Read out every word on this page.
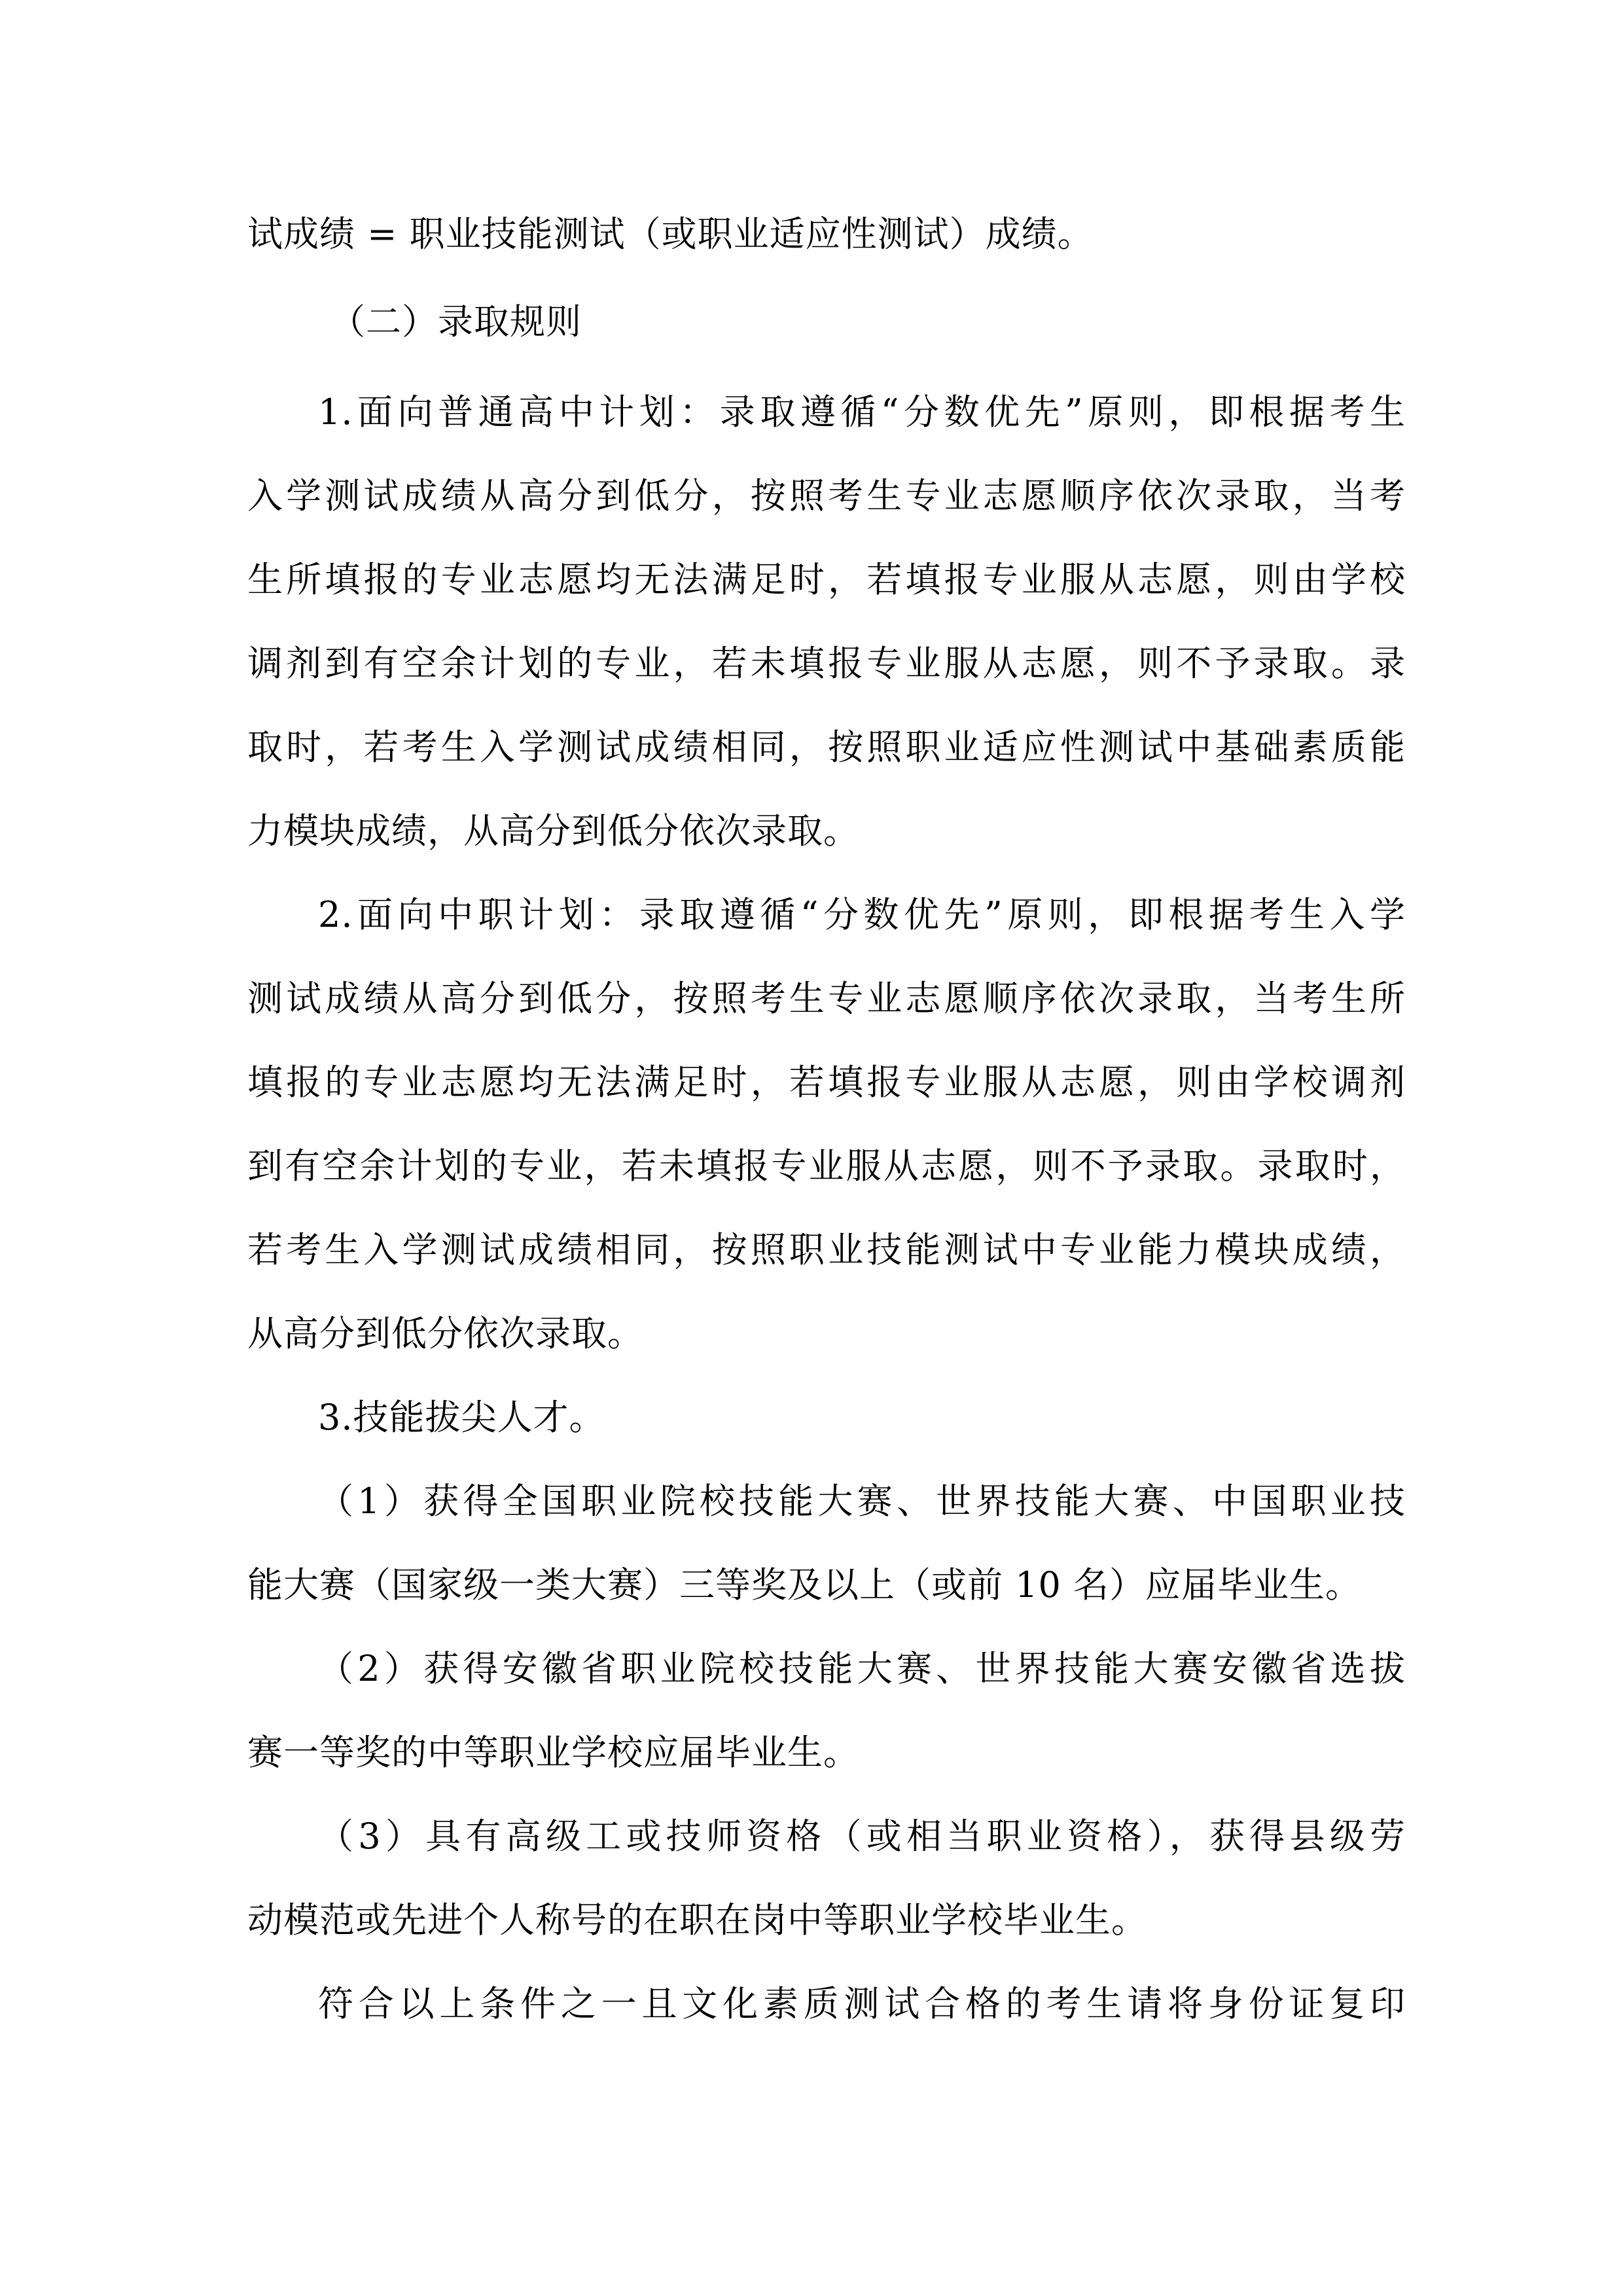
试成绩 = 职业技能测试（或职业适应性测试）成绩。
（二）录取规则
1.面向普通高中计划：录取遵循“分数优先”原则，即根据考生
入学测试成绩从高分到低分，按照考生专业志愿顺序依次录取，当考
生所填报的专业志愿均无法满足时，若填报专业服从志愿，则由学校
调剂到有空余计划的专业，若未填报专业服从志愿，则不予录取。录
取时，若考生入学测试成绩相同，按照职业适应性测试中基础素质能
力模块成绩，从高分到低分依次录取。
2.面向中职计划：录取遵循“分数优先”原则，即根据考生入学
测试成绩从高分到低分，按照考生专业志愿顺序依次录取，当考生所
填报的专业志愿均无法满足时，若填报专业服从志愿，则由学校调剂
到有空余计划的专业，若未填报专业服从志愿，则不予录取。录取时，
若考生入学测试成绩相同，按照职业技能测试中专业能力模块成绩，
从高分到低分依次录取。
3.技能拔尖人才。
（1）获得全国职业院校技能大赛、世界技能大赛、中国职业技
能大赛（国家级一类大赛）三等奖及以上（或前 10 名）应届毕业生。
（2）获得安徽省职业院校技能大赛、世界技能大赛安徽省选拔
赛一等奖的中等职业学校应届毕业生。
（3）具有高级工或技师资格（或相当职业资格），获得县级劳
动模范或先进个人称号的在职在岗中等职业学校毕业生。
符合以上条件之一且文化素质测试合格的考生请将身份证复印
